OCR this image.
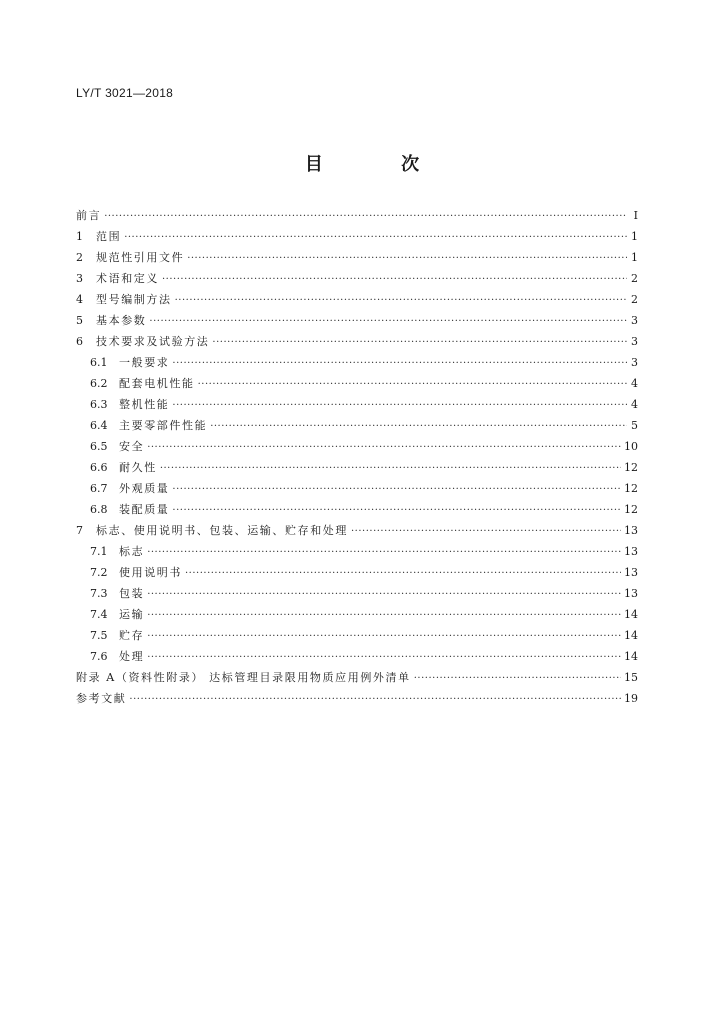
LY/T 3021—2018
目 次
前言 ·····	Ⅰ
1	范围 ·····	1
2	规范性引用文件 ·····	1
3	术语和定义 ·····	2
4	型号编制方法 ·····	2
5	基本参数 ·····	3
6	技术要求及试验方法 ·····	3
6.1	一般要求 ·····	3
6.2	配套电机性能 ·····	4
6.3	整机性能 ·····	4
6.4	主要零部件性能 ·····	5
6.5	安全 ·····	10
6.6	耐久性 ·····	12
6.7	外观质量 ·····	12
6.8	装配质量 ·····	12
7	标志、使用说明书、包装、运输、贮存和处理 ·····	13
7.1	标志 ·····	13
7.2	使用说明书 ·····	13
7.3	包装 ·····	13
7.4	运输 ·····	14
7.5	贮存 ·····	14
7.6	处理 ·····	14
附录 A（资料性附录） 达标管理目录限用物质应用例外清单 ·····	15
参考文献 ·····	19
